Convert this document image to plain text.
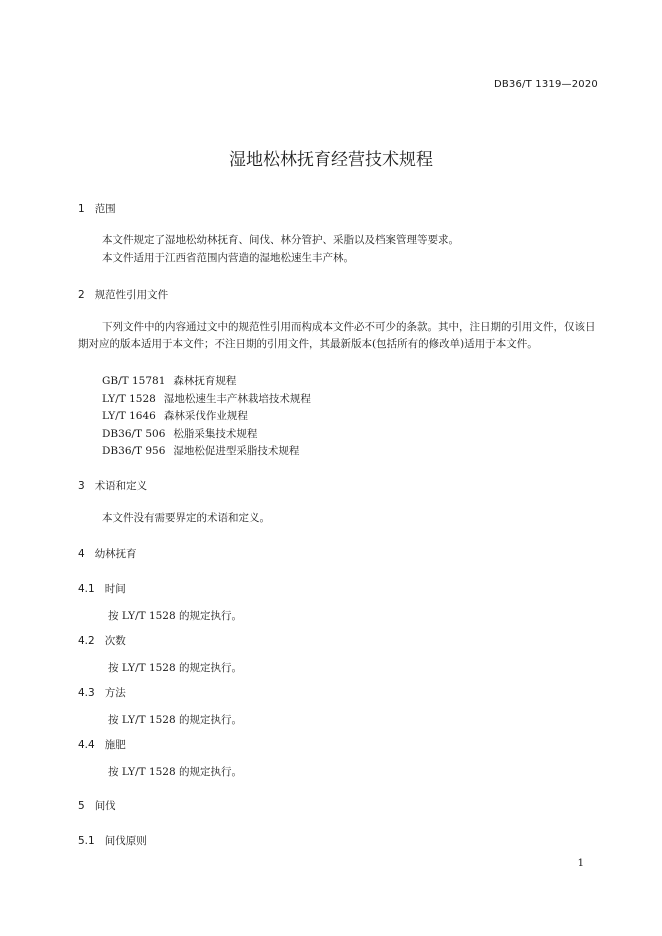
DB36/T 1319—2020
湿地松林抚育经营技术规程
1 范围
本文件规定了湿地松幼林抚育、间伐、林分管护、采脂以及档案管理等要求。
本文件适用于江西省范围内营造的湿地松速生丰产林。
2 规范性引用文件
下列文件中的内容通过文中的规范性引用而构成本文件必不可少的条款。其中，注日期的引用文件，仅该日期对应的版本适用于本文件；不注日期的引用文件，其最新版本(包括所有的修改单)适用于本文件。
GB/T 15781 森林抚育规程
LY/T 1528 湿地松速生丰产林栽培技术规程
LY/T 1646 森林采伐作业规程
DB36/T 506 松脂采集技术规程
DB36/T 956 湿地松促进型采脂技术规程
3 术语和定义
本文件没有需要界定的术语和定义。
4 幼林抚育
4.1 时间
按 LY/T 1528 的规定执行。
4.2 次数
按 LY/T 1528 的规定执行。
4.3 方法
按 LY/T 1528 的规定执行。
4.4 施肥
按 LY/T 1528 的规定执行。
5 间伐
5.1 间伐原则
1
